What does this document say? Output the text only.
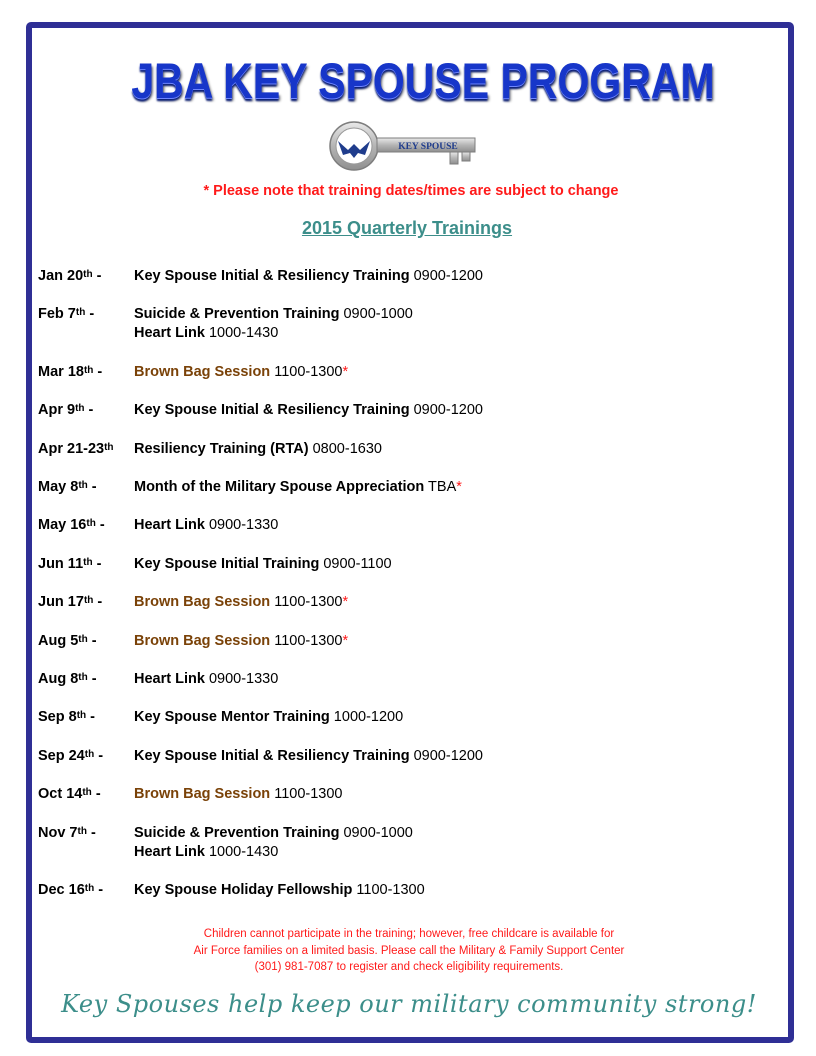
JBA KEY SPOUSE PROGRAM
KEY SPOUSE
* Please note that training dates/times are subject to change
2015 Quarterly Trainings
Jan 20th - Key Spouse Initial & Resiliency Training 0900-1200
Feb 7th -	Suicide & Prevention Training 0900-1000
Heart Link 1000-1430
Mar 18th - Brown Bag Session 1100-1300*
Apr 9th -	Key Spouse Initial & Resiliency Training 0900-1200
Apr 21-23th Resiliency Training (RTA) 0800-1630
May 8th -	Month of the Military Spouse Appreciation TBA*
May 16th - Heart Link 0900-1330
Jun 11th - Key Spouse Initial Training 0900-1100
Jun 17th - Brown Bag Session 1100-1300*
Aug 5th -	Brown Bag Session 1100-1300*
Aug 8th -	Heart Link 0900-1330
Sep 8th -	Key Spouse Mentor Training 1000-1200
Sep 24th - Key Spouse Initial & Resiliency Training 0900-1200
Oct 14th - Brown Bag Session 1100-1300
Nov 7th -	Suicide & Prevention Training 0900-1000
Heart Link 1000-1430
Dec 16th - Key Spouse Holiday Fellowship 1100-1300
Children cannot participate in the training; however, free childcare is available for
Air Force families on a limited basis. Please call the Military & Family Support Center
(301) 981-7087 to register and check eligibility requirements.
Key Spouses help keep our military community strong!
